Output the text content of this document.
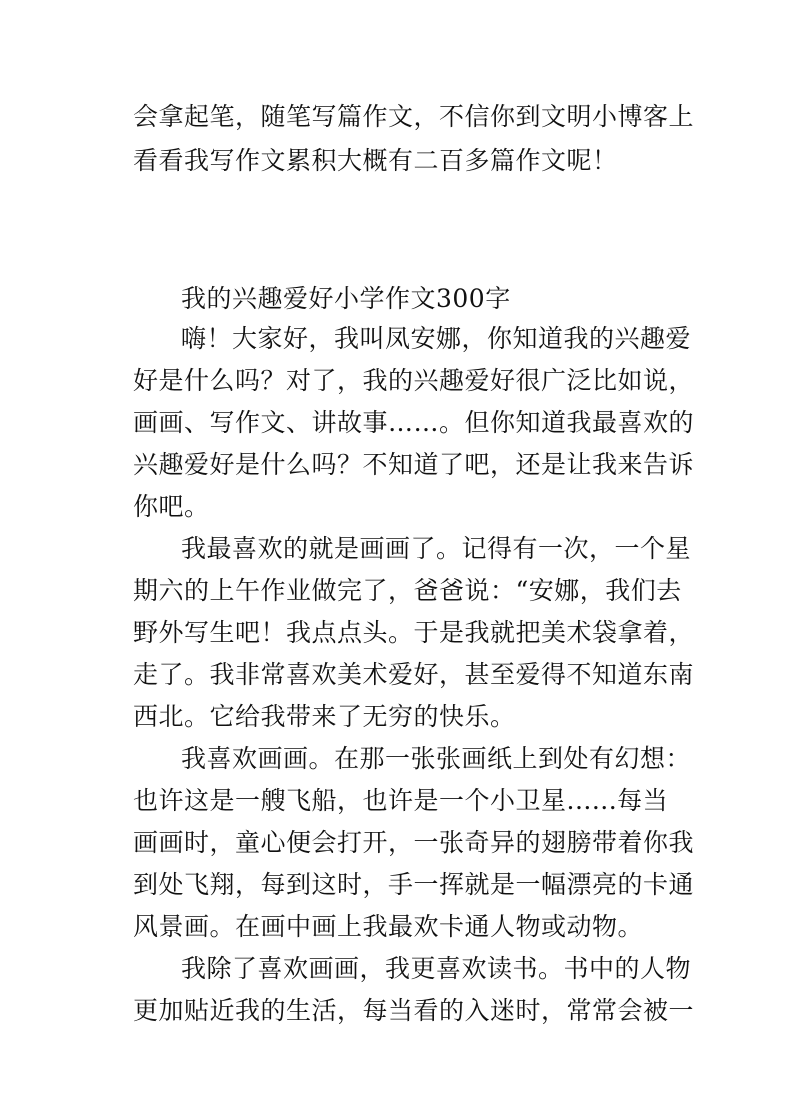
会拿起笔，随笔写篇作文，不信你到文明小博客上
看看我写作文累积大概有二百多篇作文呢！
我的兴趣爱好小学作文300字
嗨！大家好，我叫凤安娜，你知道我的兴趣爱
好是什么吗？对了，我的兴趣爱好很广泛比如说，
画画、写作文、讲故事……。但你知道我最喜欢的
兴趣爱好是什么吗？不知道了吧，还是让我来告诉
你吧。
我最喜欢的就是画画了。记得有一次，一个星
期六的上午作业做完了，爸爸说：“安娜，我们去
野外写生吧！我点点头。于是我就把美术袋拿着，
走了。我非常喜欢美术爱好，甚至爱得不知道东南
西北。它给我带来了无穷的快乐。
我喜欢画画。在那一张张画纸上到处有幻想：
也许这是一艘飞船，也许是一个小卫星......每当
画画时，童心便会打开，一张奇异的翅膀带着你我
到处飞翔，每到这时，手一挥就是一幅漂亮的卡通
风景画。在画中画上我最欢卡通人物或动物。
我除了喜欢画画，我更喜欢读书。书中的人物
更加贴近我的生活，每当看的入迷时，常常会被一
